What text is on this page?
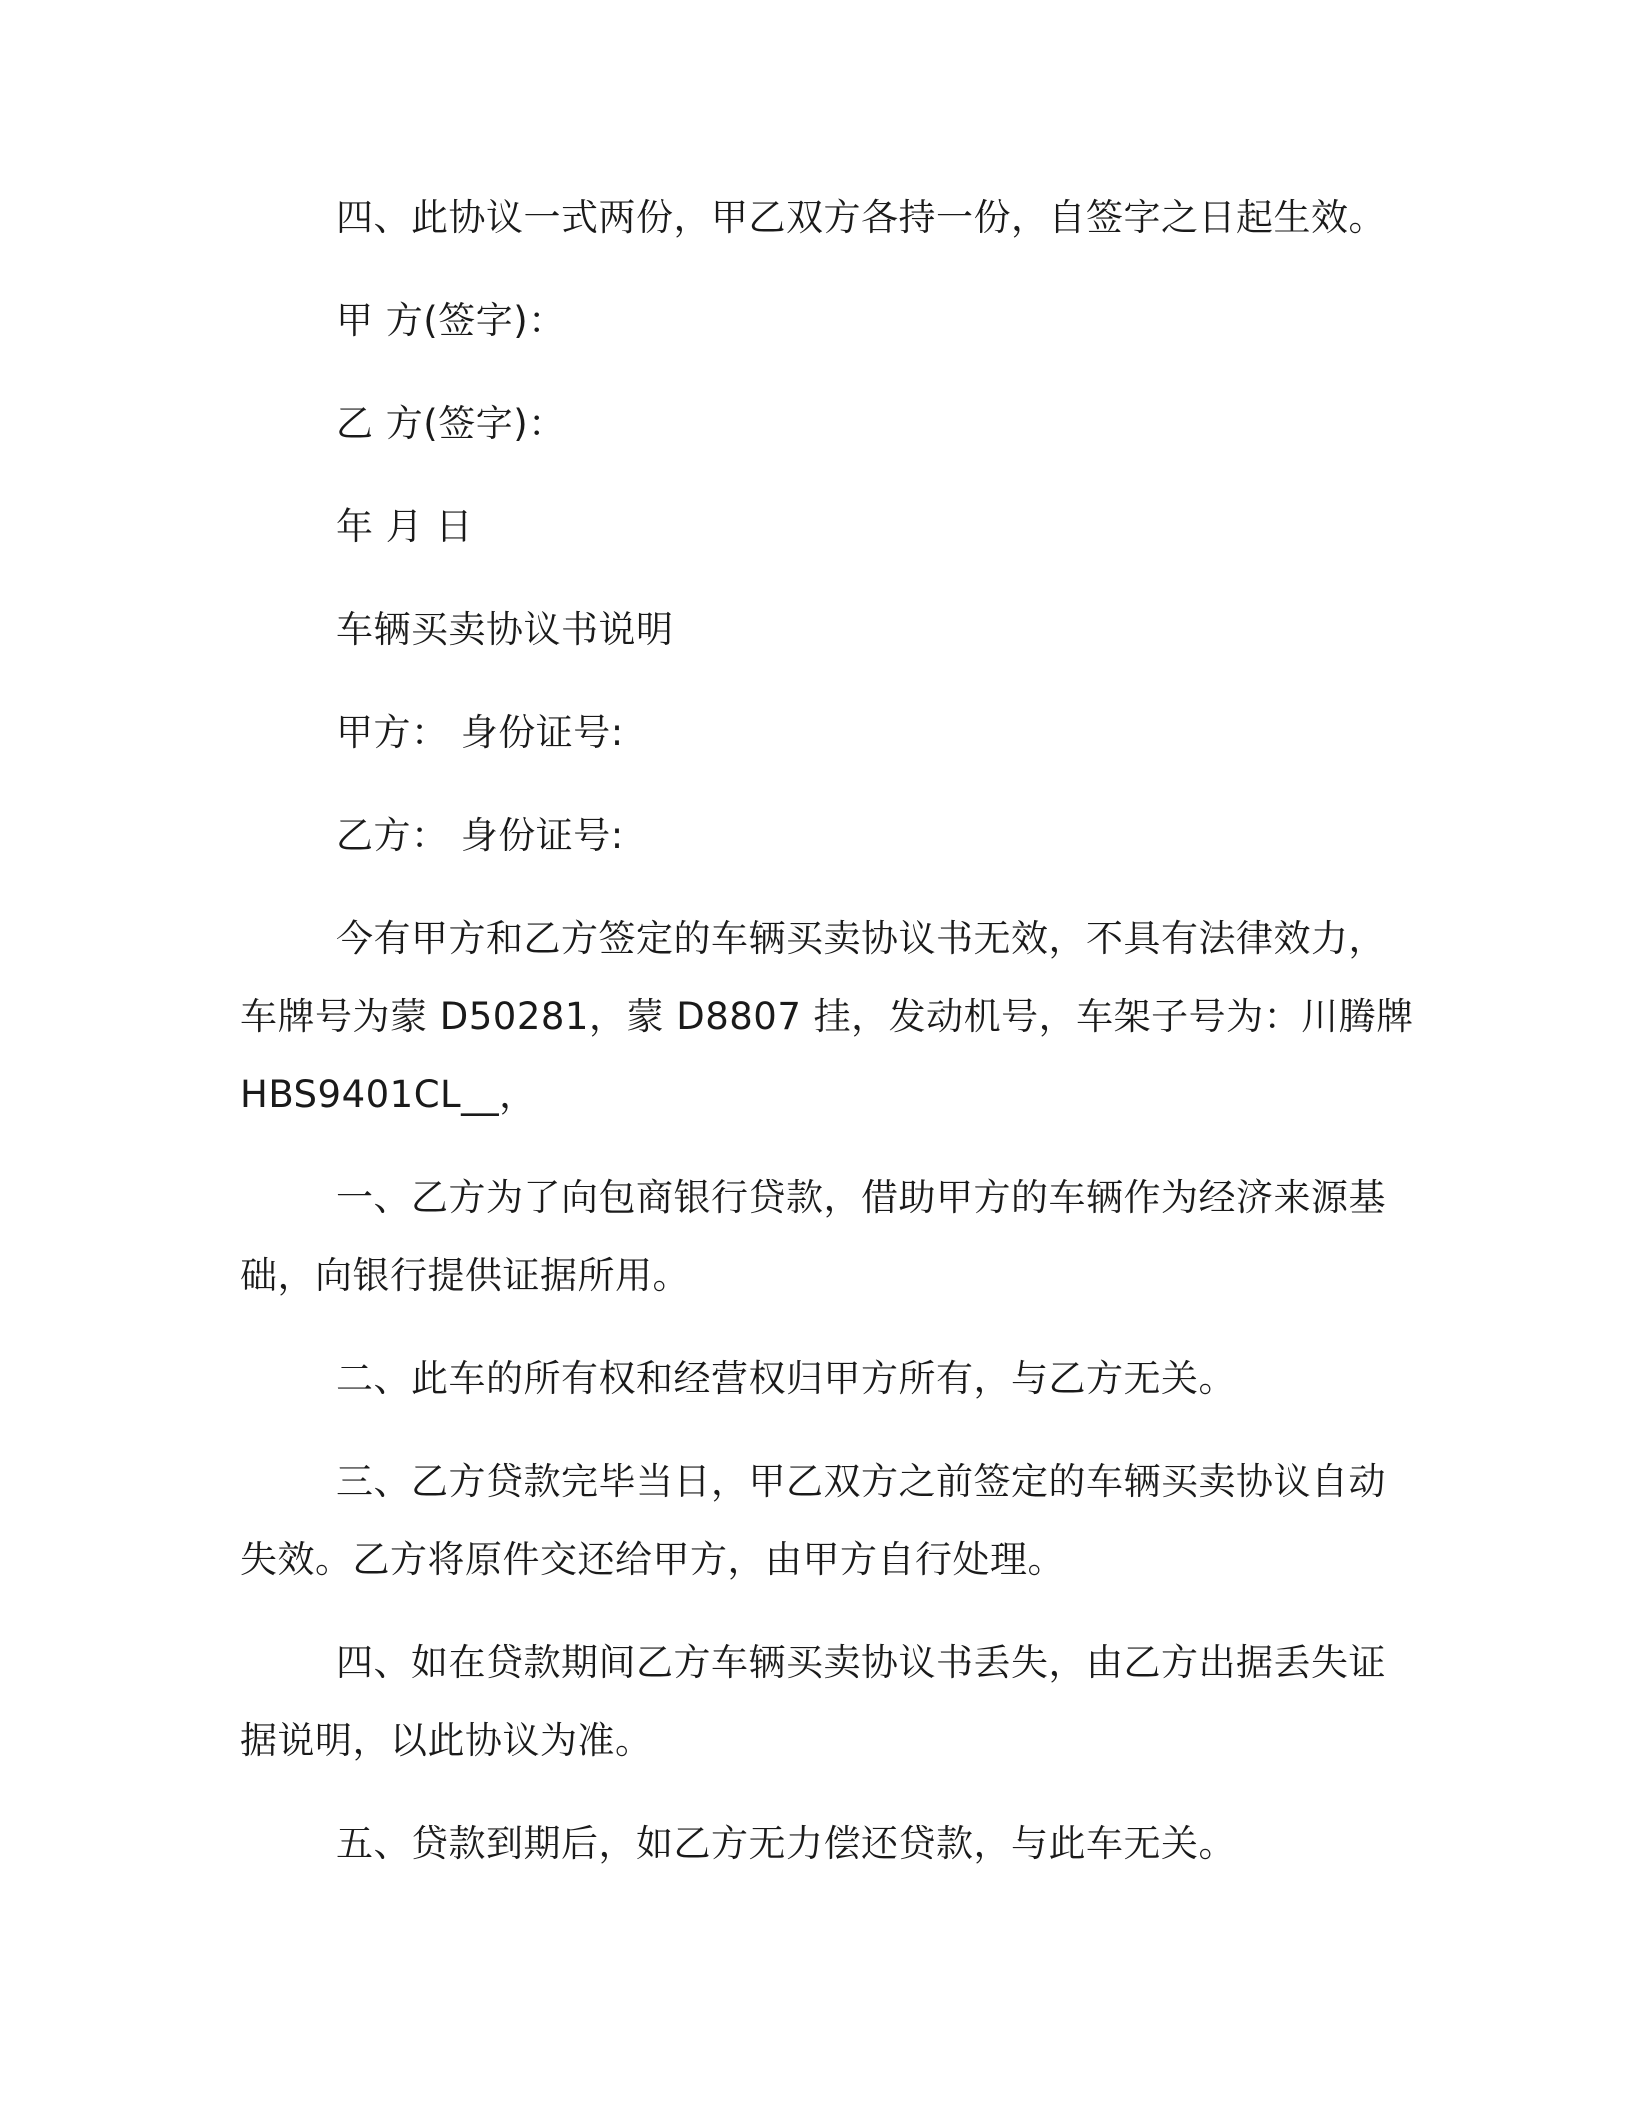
四、此协议一式两份，甲乙双方各持一份，自签字之日起生效。

甲 方(签字)：

乙 方(签字)：

年 月 日

车辆买卖协议书说明

甲方： 身份证号:

乙方： 身份证号:

今有甲方和乙方签定的车辆买卖协议书无效，不具有法律效力，

车牌号为蒙 D50281，蒙 D8807 挂，发动机号，车架子号为：川腾牌

HBS9401CL__，

一、乙方为了向包商银行贷款，借助甲方的车辆作为经济来源基

础，向银行提供证据所用。

二、此车的所有权和经营权归甲方所有，与乙方无关。

三、乙方贷款完毕当日，甲乙双方之前签定的车辆买卖协议自动

失效。乙方将原件交还给甲方，由甲方自行处理。

四、如在贷款期间乙方车辆买卖协议书丢失，由乙方出据丢失证

据说明，以此协议为准。

五、贷款到期后，如乙方无力偿还贷款，与此车无关。
